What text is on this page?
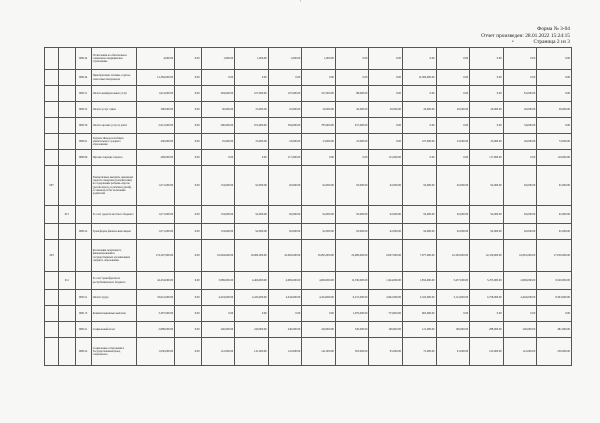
Форма № 3-04
Отчет произведен: 28.01.2022 15:24:15
Страница 2 из 3
'
•
		000124	Отчисления на обязательное социальное медицинское страхование	4,000.00	0.00	1,000.00	1,000.00	1,000.00	1,000.00	0.00	0.00	0.00	0.00	0.00	0.00	0.00
		000144	Приобретение топлива, горюче-смазочных материалов	12,384,000.00	0.00	0.00	0.00	0.00	0.00	0.00	0.00	12,384,000.00	0.00	0.00	0.00	0.00
		000151	Оплата коммунальных услуг	1,614,000.00	0.00	304,000.00	107,000.00	107,000.00	107,000.00	88,000.00	0.00	0.00	0.00	0.00	81,000.00	0.00
		000152	Оплата услуг связи	300,000.00	0.00	50,000.00	25,000.00	25,000.00	20,000.00	20,000.00	20,000.00	20,000.00	20,000.00	20,000.00	20,000.00	20,000.00
		000159	Оплата прочих услуг и работ	2,912,000.00	0.00	290,000.00	672,000.00	304,000.00	785,000.00	457,000.00	0.00	0.00	0.00	0.00	34,000.00	0.00
		000161	Затраты Фонда всеобщего обязательного среднего образования	456,000.00	0.00	25,000.00	25,000.00	23,000.00	23,000.00	23,000.00	0.00	107,000.00	23,000.00	23,000.00	26,000.00	72,000.00
		000169	Прочие текущие затраты	409,000.00	0.00	0.00	0.00	117,000.00	0.00	0.00	115,000.00	0.00	0.00	117,000.00	0.00	110,000.00
007			Ежемесячные выплаты денежных средств опекунам (попечителям) на содержание ребенка-сироты (детей-сирот), и ребенка (детей), оставшегося без попечения родителей	1,071,000.00	0.00	154,000.00	92,000.00	92,000.00	92,000.00	93,000.00	92,000.00	92,000.00	92,000.00	92,000.00	92,000.00	91,000.00
	015		За счет средств местного бюджета	1,071,000.00	0.00	154,000.00	92,000.00	92,000.00	92,000.00	93,000.00	92,000.00	92,000.00	92,000.00	92,000.00	92,000.00	91,000.00
		000122	Трансферты физическим лицам	1,071,000.00	0.00	154,000.00	92,000.00	92,000.00	92,000.00	93,000.00	92,000.00	92,000.00	92,000.00	92,000.00	92,000.00	91,000.00
203			Реализация подушевого финансирования в государственных организациях среднего образования	174,297,000.00	0.00	16,094,000.00	16,082,000.00	16,092,000.00	16,093,000.00	22,909,000.00	9,097,000.00	7,977,000.00	22,329,000.00	14,520,000.00	16,081,000.00	27,050,000.00
	011		За счет трансфертов из республиканского бюджета	42,434,000.00	0.00	3,989,000.00	4,469,000.00	4,069,000.00	4,069,000.00	12,330,000.00	1,944,000.00	1,854,000.00	3,457,000.00	3,253,000.00	4,969,000.00	9,529,000.00
		000111	Оплата труда	33,041,000.00	0.00	4,434,000.00	4,434,000.00	4,434,000.00	4,434,000.00	9,231,000.00	2,842,000.00	2,322,000.00	3,114,000.00	4,758,000.00	4,404,000.00	8,393,000.00
		000113	Компенсационные выплаты	3,397,000.00	0.00	0.00	0.00	0.00	0.00	1,979,000.00	753,000.00	665,000.00	0.00	0.00	0.00	0.00
		000121	Социальный налог	2,898,000.00	0.00	240,000.00	240,000.00	240,000.00	240,000.00	520,000.00	166,000.00	121,000.00	190,000.00	288,000.00	240,000.00	481,000.00
		000122	Социальные отчисления в Государственный фонд социального	1,650,000.00	0.00	141,000.00	141,000.00	141,000.00	141,000.00	303,000.00	95,000.00	72,000.00	91,000.00	143,000.00	141,000.00	250,000.00
